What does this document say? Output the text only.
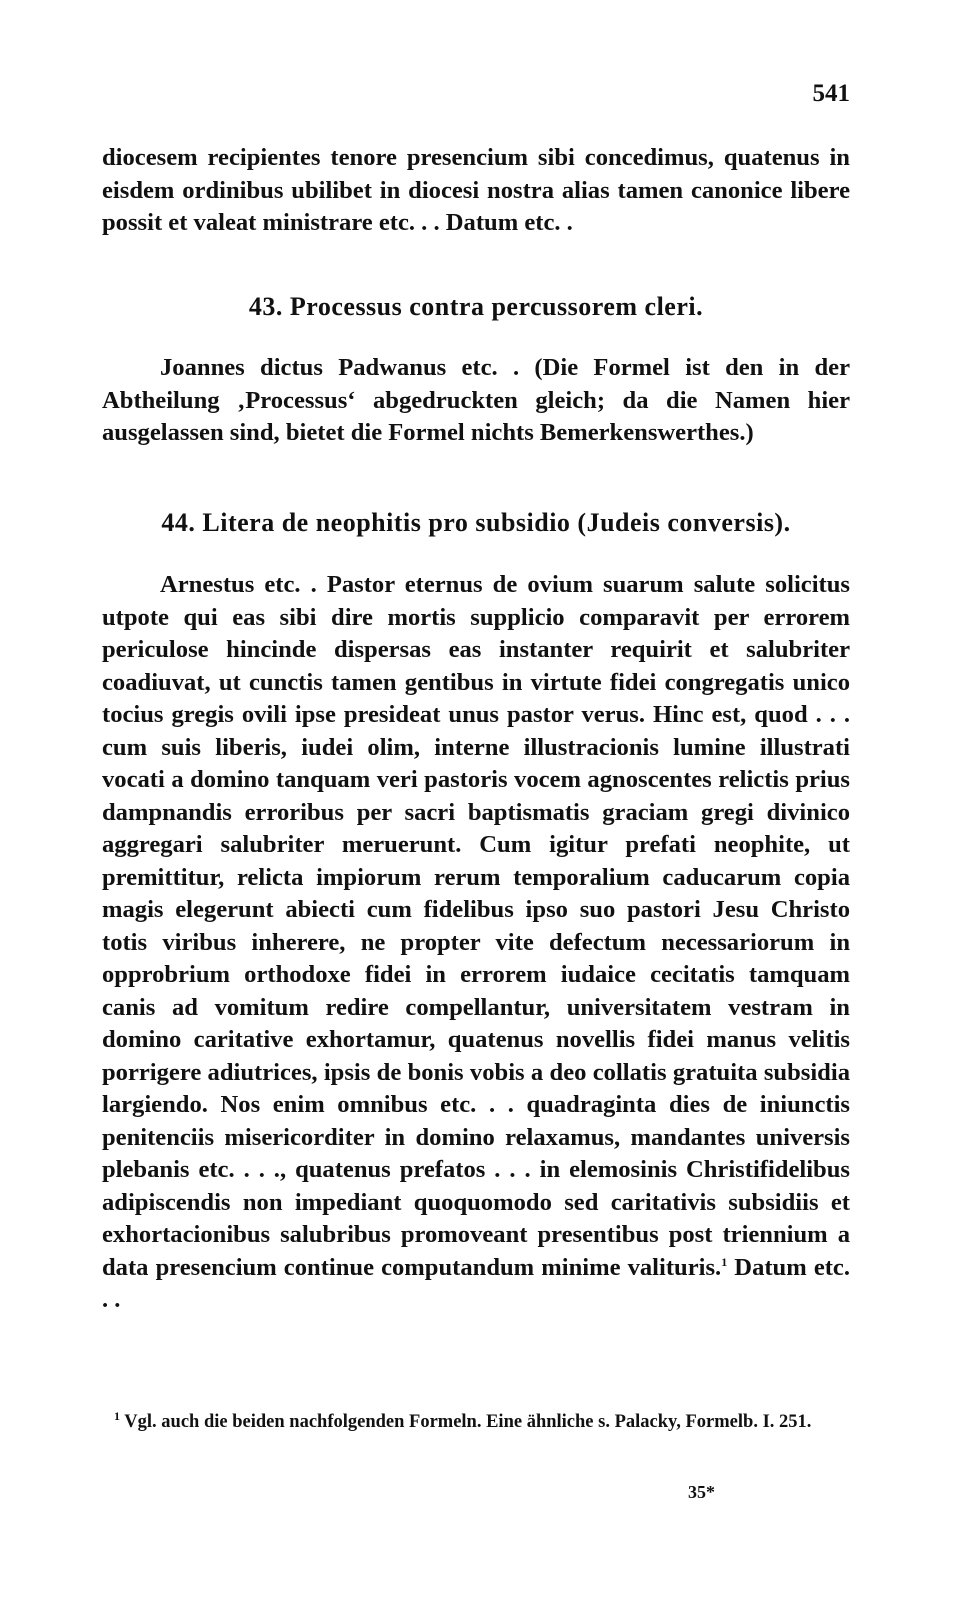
541

diocesem recipientes tenore presencium sibi concedimus, quatenus in eisdem ordinibus ubilibet in diocesi nostra alias tamen canonice libere possit et valeat ministrare etc. . . Datum etc. .

43. Processus contra percussorem cleri.

Joannes dictus Padwanus etc. . (Die Formel ist den in der Abtheilung ‚Processus‘ abgedruckten gleich; da die Namen hier ausgelassen sind, bietet die Formel nichts Bemerkenswerthes.)

44. Litera de neophitis pro subsidio (Judeis conversis).

Arnestus etc. . Pastor eternus de ovium suarum salute solicitus utpote qui eas sibi dire mortis supplicio comparavit per errorem periculose hincinde dispersas eas instanter requirit et salubriter coadiuvat, ut cunctis tamen gentibus in virtute fidei congregatis unico tocius gregis ovili ipse presideat unus pastor verus. Hinc est, quod . . . cum suis liberis, iudei olim, interne illustracionis lumine illustrati vocati a domino tanquam veri pastoris vocem agnoscentes relictis prius dampnandis erroribus per sacri baptismatis graciam gregi divinico aggregari salubriter meruerunt. Cum igitur prefati neophite, ut premittitur, relicta impiorum rerum temporalium caducarum copia magis elegerunt abiecti cum fidelibus ipso suo pastori Jesu Christo totis viribus inherere, ne propter vite defectum necessariorum in opprobrium orthodoxe fidei in errorem iudaice cecitatis tamquam canis ad vomitum redire compellantur, universitatem vestram in domino caritative exhortamur, quatenus novellis fidei manus velitis porrigere adiutrices, ipsis de bonis vobis a deo collatis gratuita subsidia largiendo. Nos enim omnibus etc. . . quadraginta dies de iniunctis penitenciis misericorditer in domino relaxamus, mandantes universis plebanis etc. . . ., quatenus prefatos . . . in elemosinis Christifidelibus adipiscendis non impediant quoquomodo sed caritativis subsidiis et exhortacionibus salubribus promoveant presentibus post triennium a data presencium continue computandum minime valituris.$^1$ Datum etc. . .

$^1$ Vgl. auch die beiden nachfolgenden Formeln. Eine ähnliche s. Palacky, Formelb. I. 251.
35*
